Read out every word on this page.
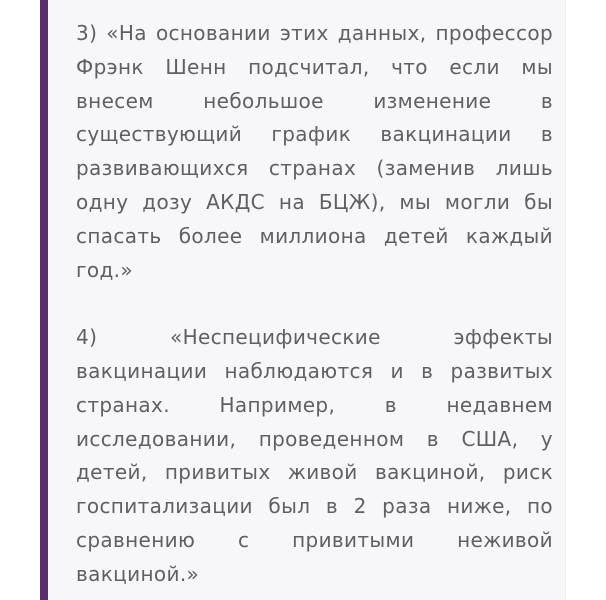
3) «На основании этих данных, профессор Фрэнк Шенн подсчитал, что если мы внесем небольшое изменение в существующий график вакцинации в развивающихся странах (заменив лишь одну дозу АКДС на БЦЖ), мы могли бы спасать более миллиона детей каждый год.»

4) «Неспецифические эффекты вакцинации наблюдаются и в развитых странах. Например, в недавнем исследовании, проведенном в США, у детей, привитых живой вакциной, риск госпитализации был в 2 раза ниже, по сравнению с привитыми неживой вакциной.»
